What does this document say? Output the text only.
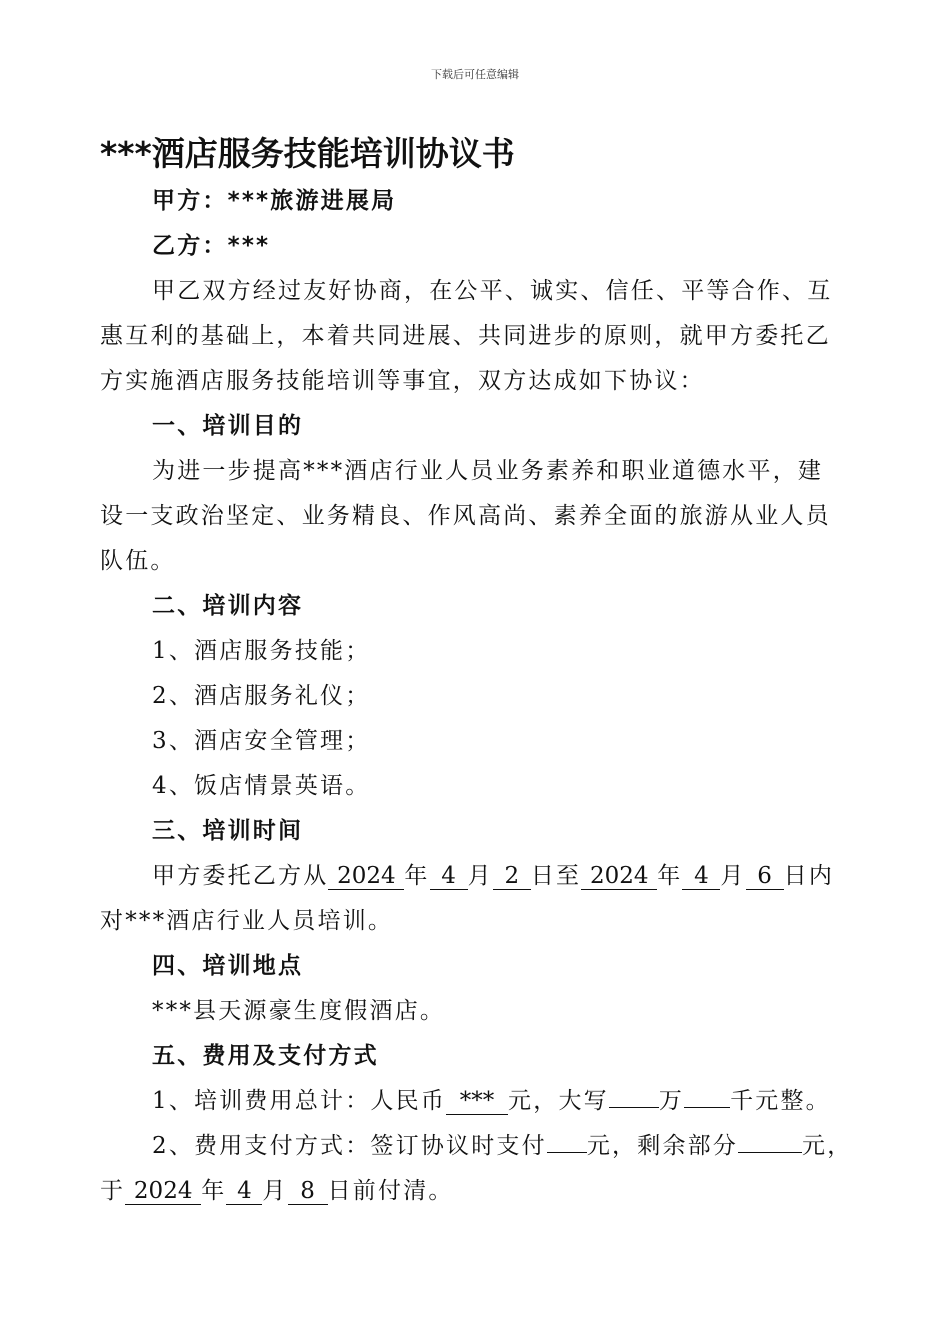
下载后可任意编辑
***酒店服务技能培训协议书
甲方：***旅游进展局
乙方：***
甲乙双方经过友好协商，在公平、诚实、信任、平等合作、互
惠互利的基础上，本着共同进展、共同进步的原则，就甲方委托乙
方实施酒店服务技能培训等事宜，双方达成如下协议：
一、培训目的
为进一步提高***酒店行业人员业务素养和职业道德水平，建
设一支政治坚定、业务精良、作风高尚、素养全面的旅游从业人员
队伍。
二、培训内容
1、酒店服务技能；
2、酒店服务礼仪；
3、酒店安全管理；
4、饭店情景英语。
三、培训时间
甲方委托乙方从 2024 年 4 月 2 日至 2024 年 4 月 6 日内
对***酒店行业人员培训。
四、培训地点
***县天源豪生度假酒店。
五、费用及支付方式
1、培训费用总计：人民币 *** 元，大写 万 千元整。
2、费用支付方式：签订协议时支付 元，剩余部分	元，
于 2024 年 4 月 8 日前付清。
